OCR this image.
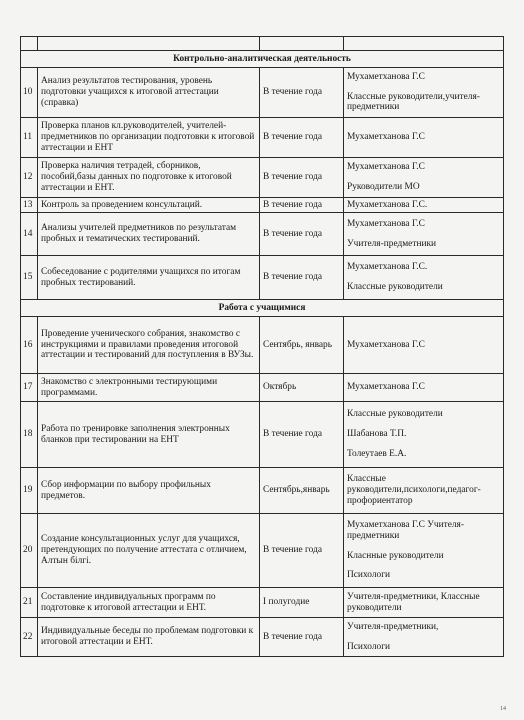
Контрольно-аналитическая деятельность			
10	Анализ результатов тестирования, уровень подготовки учащихся к итоговой аттестации (справка)	В течение года	Мухаметханова Г.С
Классные руководители,учителя-предметники

11	Проверка планов кл.руководителей, учителей-предметников по организации подготовки к итоговой аттестации и ЕНТ	В течение года	Мухаметханова Г.С

12	Проверка наличия тетрадей, сборников, пособий,базы данных по подготовке к итоговой аттестации и ЕНТ.	В течение года	Мухаметханова Г.С
Руководители МО

13	Контроль за проведением консультаций.	В течение года	Мухаметханова Г.С.

14	Анализы учителей предметников по результатам пробных и тематических тестирований.	В течение года	Мухаметханова Г.С
Учителя-предметники

15	Собеседование с родителями учащихся по итогам пробных тестирований.	В течение года	Мухаметханова Г.С.
Классные руководители

Работа с учащимися			
16	Проведение ученического собрания, знакомство с инструкциями и правилами проведения итоговой аттестации и тестирований для поступления в ВУЗы.	Сентябрь, январь	Мухаметханова Г.С

17	Знакомство с электронными тестирующими программами.	Октябрь	Мухаметханова Г.С

18	Работа по тренировке заполнения электронных бланков при тестировании на ЕНТ	В течение года	Классные руководители
Шабанова Т.П.
Толеутаев Е.А.

19	Сбор информации по выбору профильных предметов.	Сентябрь,январь	Классные руководители,психологи,педагог-профориентатор

20	Создание консультационных услуг для учащихся, претендующих по получение аттестата с отличием, Алтын білгі.	В течение года	Мухаметханова Г.С Учителя-предметники
Класнные руководители
Психологи

21	Составление индивидуальных программ по подготовке к итоговой аттестации и ЕНТ.	I полугодие	Учителя-предметники, Классные руководители

22	Индивидуальные беседы по проблемам подготовки к итоговой аттестации и ЕНТ.	В течение года	Учителя-предметники,
Психологи
14
